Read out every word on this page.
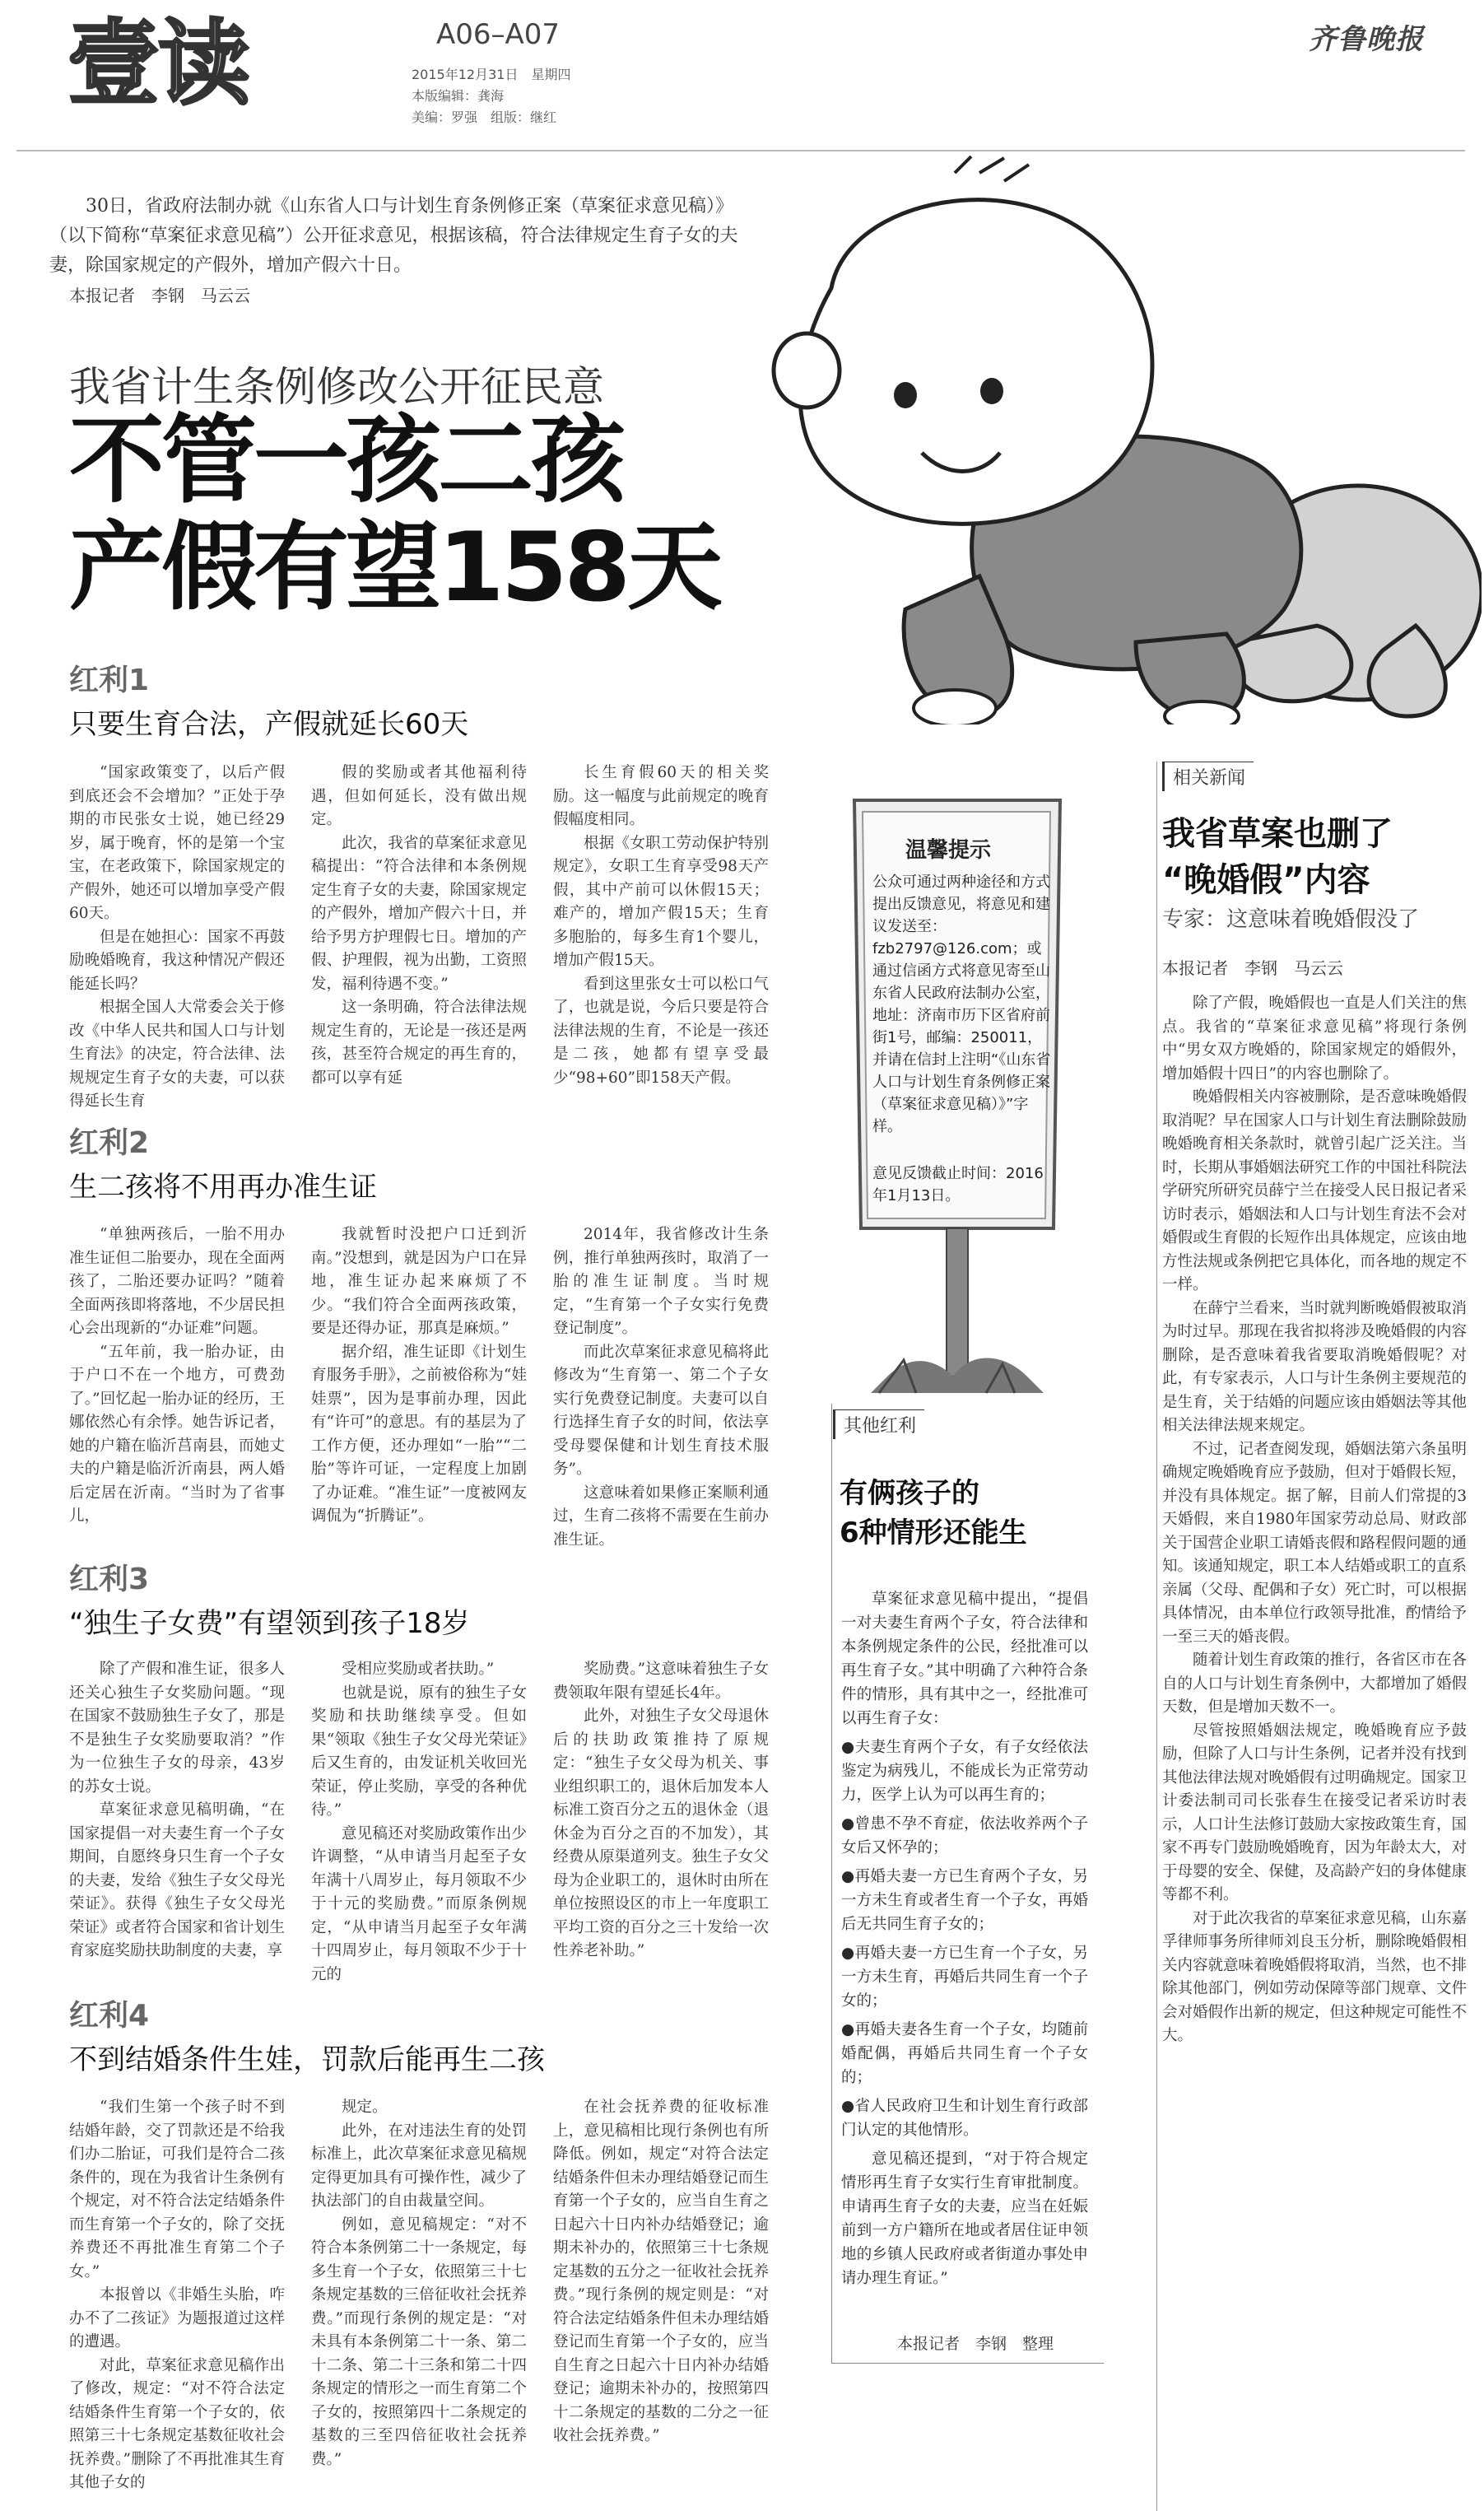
壹读	A06–A07
2015年12月31日　星期四
本版编辑：龚海
美编：罗强　组版：继红
齐鲁晚报
30日，省政府法制办就《山东省人口与计划生育条例修正案（草案征求意见稿）》（以下简称“草案征求意见稿”）公开征求意见，根据该稿，符合法律规定生育子女的夫妻，除国家规定的产假外，增加产假六十日。
本报记者　李钢　马云云
我省计生条例修改公开征民意
不管一孩二孩
产假有望158天
红利1
只要生育合法，产假就延长60天

“国家政策变了，以后产假到底还会不会增加？”正处于孕期的市民张女士说，她已经29岁，属于晚育，怀的是第一个宝宝，在老政策下，除国家规定的产假外，她还可以增加享受产假60天。

但是在她担心：国家不再鼓励晚婚晚育，我这种情况产假还能延长吗？

根据全国人大常委会关于修改《中华人民共和国人口与计划生育法》的决定，符合法律、法规规定生育子女的夫妻，可以获得延长生育

假的奖励或者其他福利待遇，但如何延长，没有做出规定。

此次，我省的草案征求意见稿提出：“符合法律和本条例规定生育子女的夫妻，除国家规定的产假外，增加产假六十日，并给予男方护理假七日。增加的产假、护理假，视为出勤，工资照发，福利待遇不变。”

这一条明确，符合法律法规规定生育的，无论是一孩还是两孩，甚至符合规定的再生育的，都可以享有延

长生育假60天的相关奖励。这一幅度与此前规定的晚育假幅度相同。

根据《女职工劳动保护特别规定》，女职工生育享受98天产假，其中产前可以休假15天；难产的，增加产假15天；生育多胞胎的，每多生育1个婴儿，增加产假15天。

看到这里张女士可以松口气了，也就是说，今后只要是符合法律法规的生育，不论是一孩还是二孩，她都有望享受最少“98+60”即158天产假。

红利2
生二孩将不用再办准生证

“单独两孩后，一胎不用办准生证但二胎要办，现在全面两孩了，二胎还要办证吗？”随着全面两孩即将落地，不少居民担心会出现新的“办证难”问题。

“五年前，我一胎办证，由于户口不在一个地方，可费劲了。”回忆起一胎办证的经历，王娜依然心有余悸。她告诉记者，她的户籍在临沂莒南县，而她丈夫的户籍是临沂沂南县，两人婚后定居在沂南。“当时为了省事儿，

我就暂时没把户口迁到沂南。”没想到，就是因为户口在异地，准生证办起来麻烦了不少。“我们符合全面两孩政策，要是还得办证，那真是麻烦。”

据介绍，准生证即《计划生育服务手册》，之前被俗称为“娃娃票”，因为是事前办理，因此有“许可”的意思。有的基层为了工作方便，还办理如“一胎”“二胎”等许可证，一定程度上加剧了办证难。“准生证”一度被网友调侃为“折腾证”。

2014年，我省修改计生条例，推行单独两孩时，取消了一胎的准生证制度。当时规定，“生育第一个子女实行免费登记制度”。

而此次草案征求意见稿将此修改为“生育第一、第二个子女实行免费登记制度。夫妻可以自行选择生育子女的时间，依法享受母婴保健和计划生育技术服务”。

这意味着如果修正案顺利通过，生育二孩将不需要在生前办准生证。

红利3
“独生子女费”有望领到孩子18岁

除了产假和准生证，很多人还关心独生子女奖励问题。“现在国家不鼓励独生子女了，那是不是独生子女奖励要取消？”作为一位独生子女的母亲，43岁的苏女士说。

草案征求意见稿明确，“在国家提倡一对夫妻生育一个子女期间，自愿终身只生育一个子女的夫妻，发给《独生子女父母光荣证》。获得《独生子女父母光荣证》或者符合国家和省计划生育家庭奖励扶助制度的夫妻，享

受相应奖励或者扶助。”

也就是说，原有的独生子女奖励和扶助继续享受。但如果“领取《独生子女父母光荣证》后又生育的，由发证机关收回光荣证，停止奖励，享受的各种优待。”

意见稿还对奖励政策作出少许调整，“从申请当月起至子女年满十八周岁止，每月领取不少于十元的奖励费。”而原条例规定，“从申请当月起至子女年满十四周岁止，每月领取不少于十元的

奖励费。”这意味着独生子女费领取年限有望延长4年。

此外，对独生子女父母退休后的扶助政策推持了原规定：“独生子女父母为机关、事业组织职工的，退休后加发本人标准工资百分之五的退休金（退休金为百分之百的不加发），其经费从原渠道列支。独生子女父母为企业职工的，退休时由所在单位按照设区的市上一年度职工平均工资的百分之三十发给一次性养老补助。”

红利4
不到结婚条件生娃，罚款后能再生二孩

“我们生第一个孩子时不到结婚年龄，交了罚款还是不给我们办二胎证，可我们是符合二孩条件的，现在为我省计生条例有个规定，对不符合法定结婚条件而生育第一个子女的，除了交抚养费还不再批准生育第二个子女。”

本报曾以《非婚生头胎，咋办不了二孩证》为题报道过这样的遭遇。

对此，草案征求意见稿作出了修改，规定：“对不符合法定结婚条件生育第一个子女的，依照第三十七条规定基数征收社会抚养费。”删除了不再批准其生育其他子女的

规定。

此外，在对违法生育的处罚标准上，此次草案征求意见稿规定得更加具有可操作性，减少了执法部门的自由裁量空间。

例如，意见稿规定：“对不符合本条例第二十一条规定，每多生育一个子女，依照第三十七条规定基数的三倍征收社会抚养费。”而现行条例的规定是：“对未具有本条例第二十一条、第二十二条、第二十三条和第二十四条规定的情形之一而生育第二个子女的，按照第四十二条规定的基数的三至四倍征收社会抚养费。”

在社会抚养费的征收标准上，意见稿相比现行条例也有所降低。例如，规定“对符合法定结婚条件但未办理结婚登记而生育第一个子女的，应当自生育之日起六十日内补办结婚登记；逾期未补办的，依照第三十七条规定基数的五分之一征收社会抚养费。”现行条例的规定则是：“对符合法定结婚条件但未办理结婚登记而生育第一个子女的，应当自生育之日起六十日内补办结婚登记；逾期未补办的，按照第四十二条规定的基数的二分之一征收社会抚养费。”

温馨提示
公众可通过两种途径和方式提出反馈意见，将意见和建议发送至：fzb2797@126.com；或通过信函方式将意见寄至山东省人民政府法制办公室，地址：济南市历下区省府前街1号，邮编：250011，并请在信封上注明“《山东省人口与计划生育条例修正案（草案征求意见稿）》”字样。
意见反馈截止时间：2016年1月13日。
其他红利
有俩孩子的
6种情形还能生

草案征求意见稿中提出，“提倡一对夫妻生育两个子女，符合法律和本条例规定条件的公民，经批准可以再生育子女。”其中明确了六种符合条件的情形，具有其中之一，经批准可以再生育子女：

●夫妻生育两个子女，有子女经依法鉴定为病残儿，不能成长为正常劳动力，医学上认为可以再生育的；

●曾患不孕不育症，依法收养两个子女后又怀孕的；

●再婚夫妻一方已生育两个子女，另一方未生育或者生育一个子女，再婚后无共同生育子女的；

●再婚夫妻一方已生育一个子女，另一方未生育，再婚后共同生育一个子女的；

●再婚夫妻各生育一个子女，均随前婚配偶，再婚后共同生育一个子女的；

●省人民政府卫生和计划生育行政部门认定的其他情形。

意见稿还提到，“对于符合规定情形再生育子女实行生育审批制度。申请再生育子女的夫妻，应当在妊娠前到一方户籍所在地或者居住证申领地的乡镇人民政府或者街道办事处申请办理生育证。”

本报记者　李钢　整理
相关新闻
我省草案也删了
“晚婚假”内容
专家：这意味着晚婚假没了
本报记者　李钢　马云云

除了产假，晚婚假也一直是人们关注的焦点。我省的“草案征求意见稿”将现行条例中“男女双方晚婚的，除国家规定的婚假外，增加婚假十四日”的内容也删除了。

晚婚假相关内容被删除，是否意味晚婚假取消呢？早在国家人口与计划生育法删除鼓励晚婚晚育相关条款时，就曾引起广泛关注。当时，长期从事婚姻法研究工作的中国社科院法学研究所研究员薛宁兰在接受人民日报记者采访时表示，婚姻法和人口与计划生育法不会对婚假或生育假的长短作出具体规定，应该由地方性法规或条例把它具体化，而各地的规定不一样。

在薛宁兰看来，当时就判断晚婚假被取消为时过早。那现在我省拟将涉及晚婚假的内容删除，是否意味着我省要取消晚婚假呢？对此，有专家表示，人口与计生条例主要规范的是生育，关于结婚的问题应该由婚姻法等其他相关法律法规来规定。

不过，记者查阅发现，婚姻法第六条虽明确规定晚婚晚育应予鼓励，但对于婚假长短，并没有具体规定。据了解，目前人们常提的3天婚假，来自1980年国家劳动总局、财政部关于国营企业职工请婚丧假和路程假问题的通知。该通知规定，职工本人结婚或职工的直系亲属（父母、配偶和子女）死亡时，可以根据具体情况，由本单位行政领导批准，酌情给予一至三天的婚丧假。

随着计划生育政策的推行，各省区市在各自的人口与计划生育条例中，大都增加了婚假天数，但是增加天数不一。

尽管按照婚姻法规定，晚婚晚育应予鼓励，但除了人口与计生条例，记者并没有找到其他法律法规对晚婚假有过明确规定。国家卫计委法制司司长张春生在接受记者采访时表示，人口计生法修订鼓励大家按政策生育，国家不再专门鼓励晚婚晚育，因为年龄太大，对于母婴的安全、保健，及高龄产妇的身体健康等都不利。

对于此次我省的草案征求意见稿，山东嘉孚律师事务所律师刘良玉分析，删除晚婚假相关内容就意味着晚婚假将取消，当然，也不排除其他部门，例如劳动保障等部门规章、文件会对婚假作出新的规定，但这种规定可能性不大。
